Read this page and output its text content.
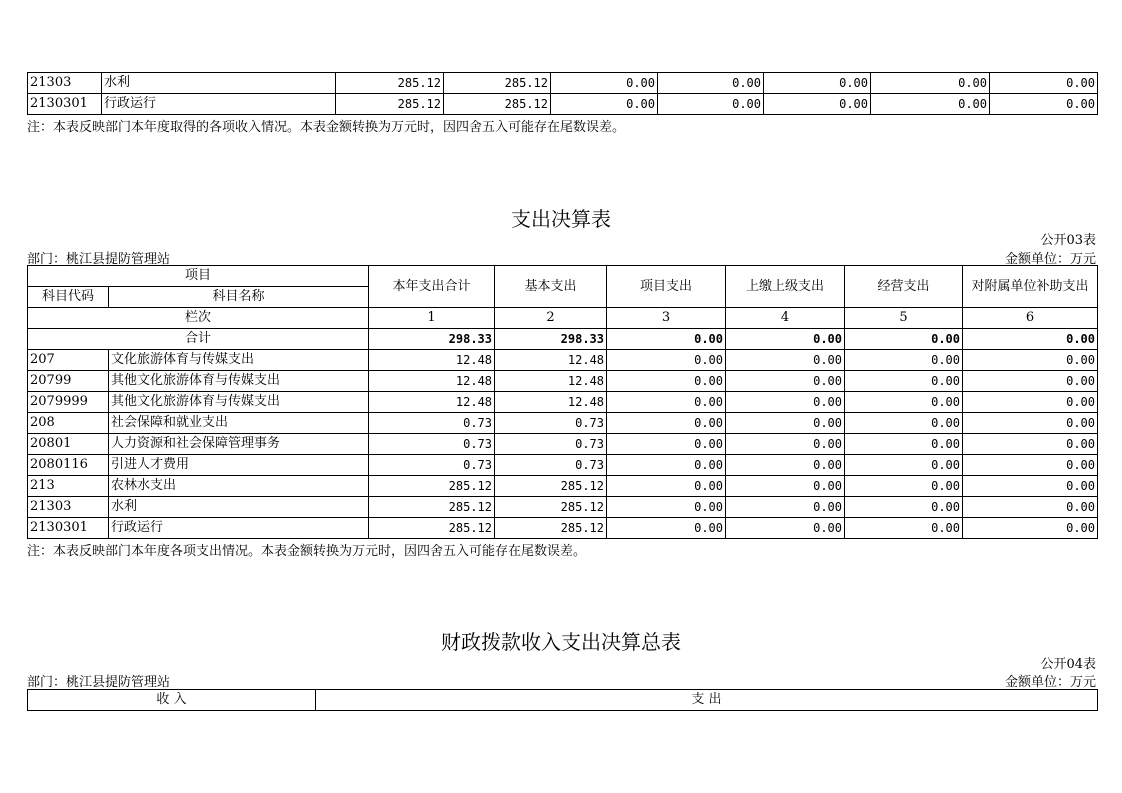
21303	水利	285.12	285.12	0.00	0.00	0.00	0.00	0.00
2130301	行政运行	285.12	285.12	0.00	0.00	0.00	0.00	0.00
注：本表反映部门本年度取得的各项收入情况。本表金额转换为万元时，因四舍五入可能存在尾数误差。
支出决算表
公开03表
部门：桃江县提防管理站	金额单位：万元
项目		本年支出合计	基本支出	项目支出	上缴上级支出	经营支出	对附属单位补助支出
科目代码	科目名称						
栏次		1	2	3	4	5	6
合计		298.33	298.33	0.00	0.00	0.00	0.00
207	文化旅游体育与传媒支出	12.48	12.48	0.00	0.00	0.00	0.00
20799	其他文化旅游体育与传媒支出	12.48	12.48	0.00	0.00	0.00	0.00
2079999	其他文化旅游体育与传媒支出	12.48	12.48	0.00	0.00	0.00	0.00
208	社会保障和就业支出	0.73	0.73	0.00	0.00	0.00	0.00
20801	人力资源和社会保障管理事务	0.73	0.73	0.00	0.00	0.00	0.00
2080116	引进人才费用	0.73	0.73	0.00	0.00	0.00	0.00
213	农林水支出	285.12	285.12	0.00	0.00	0.00	0.00
21303	水利	285.12	285.12	0.00	0.00	0.00	0.00
2130301	行政运行	285.12	285.12	0.00	0.00	0.00	0.00
注：本表反映部门本年度各项支出情况。本表金额转换为万元时，因四舍五入可能存在尾数误差。
财政拨款收入支出决算总表
公开04表
部门：桃江县提防管理站	金额单位：万元
收 入	支 出
